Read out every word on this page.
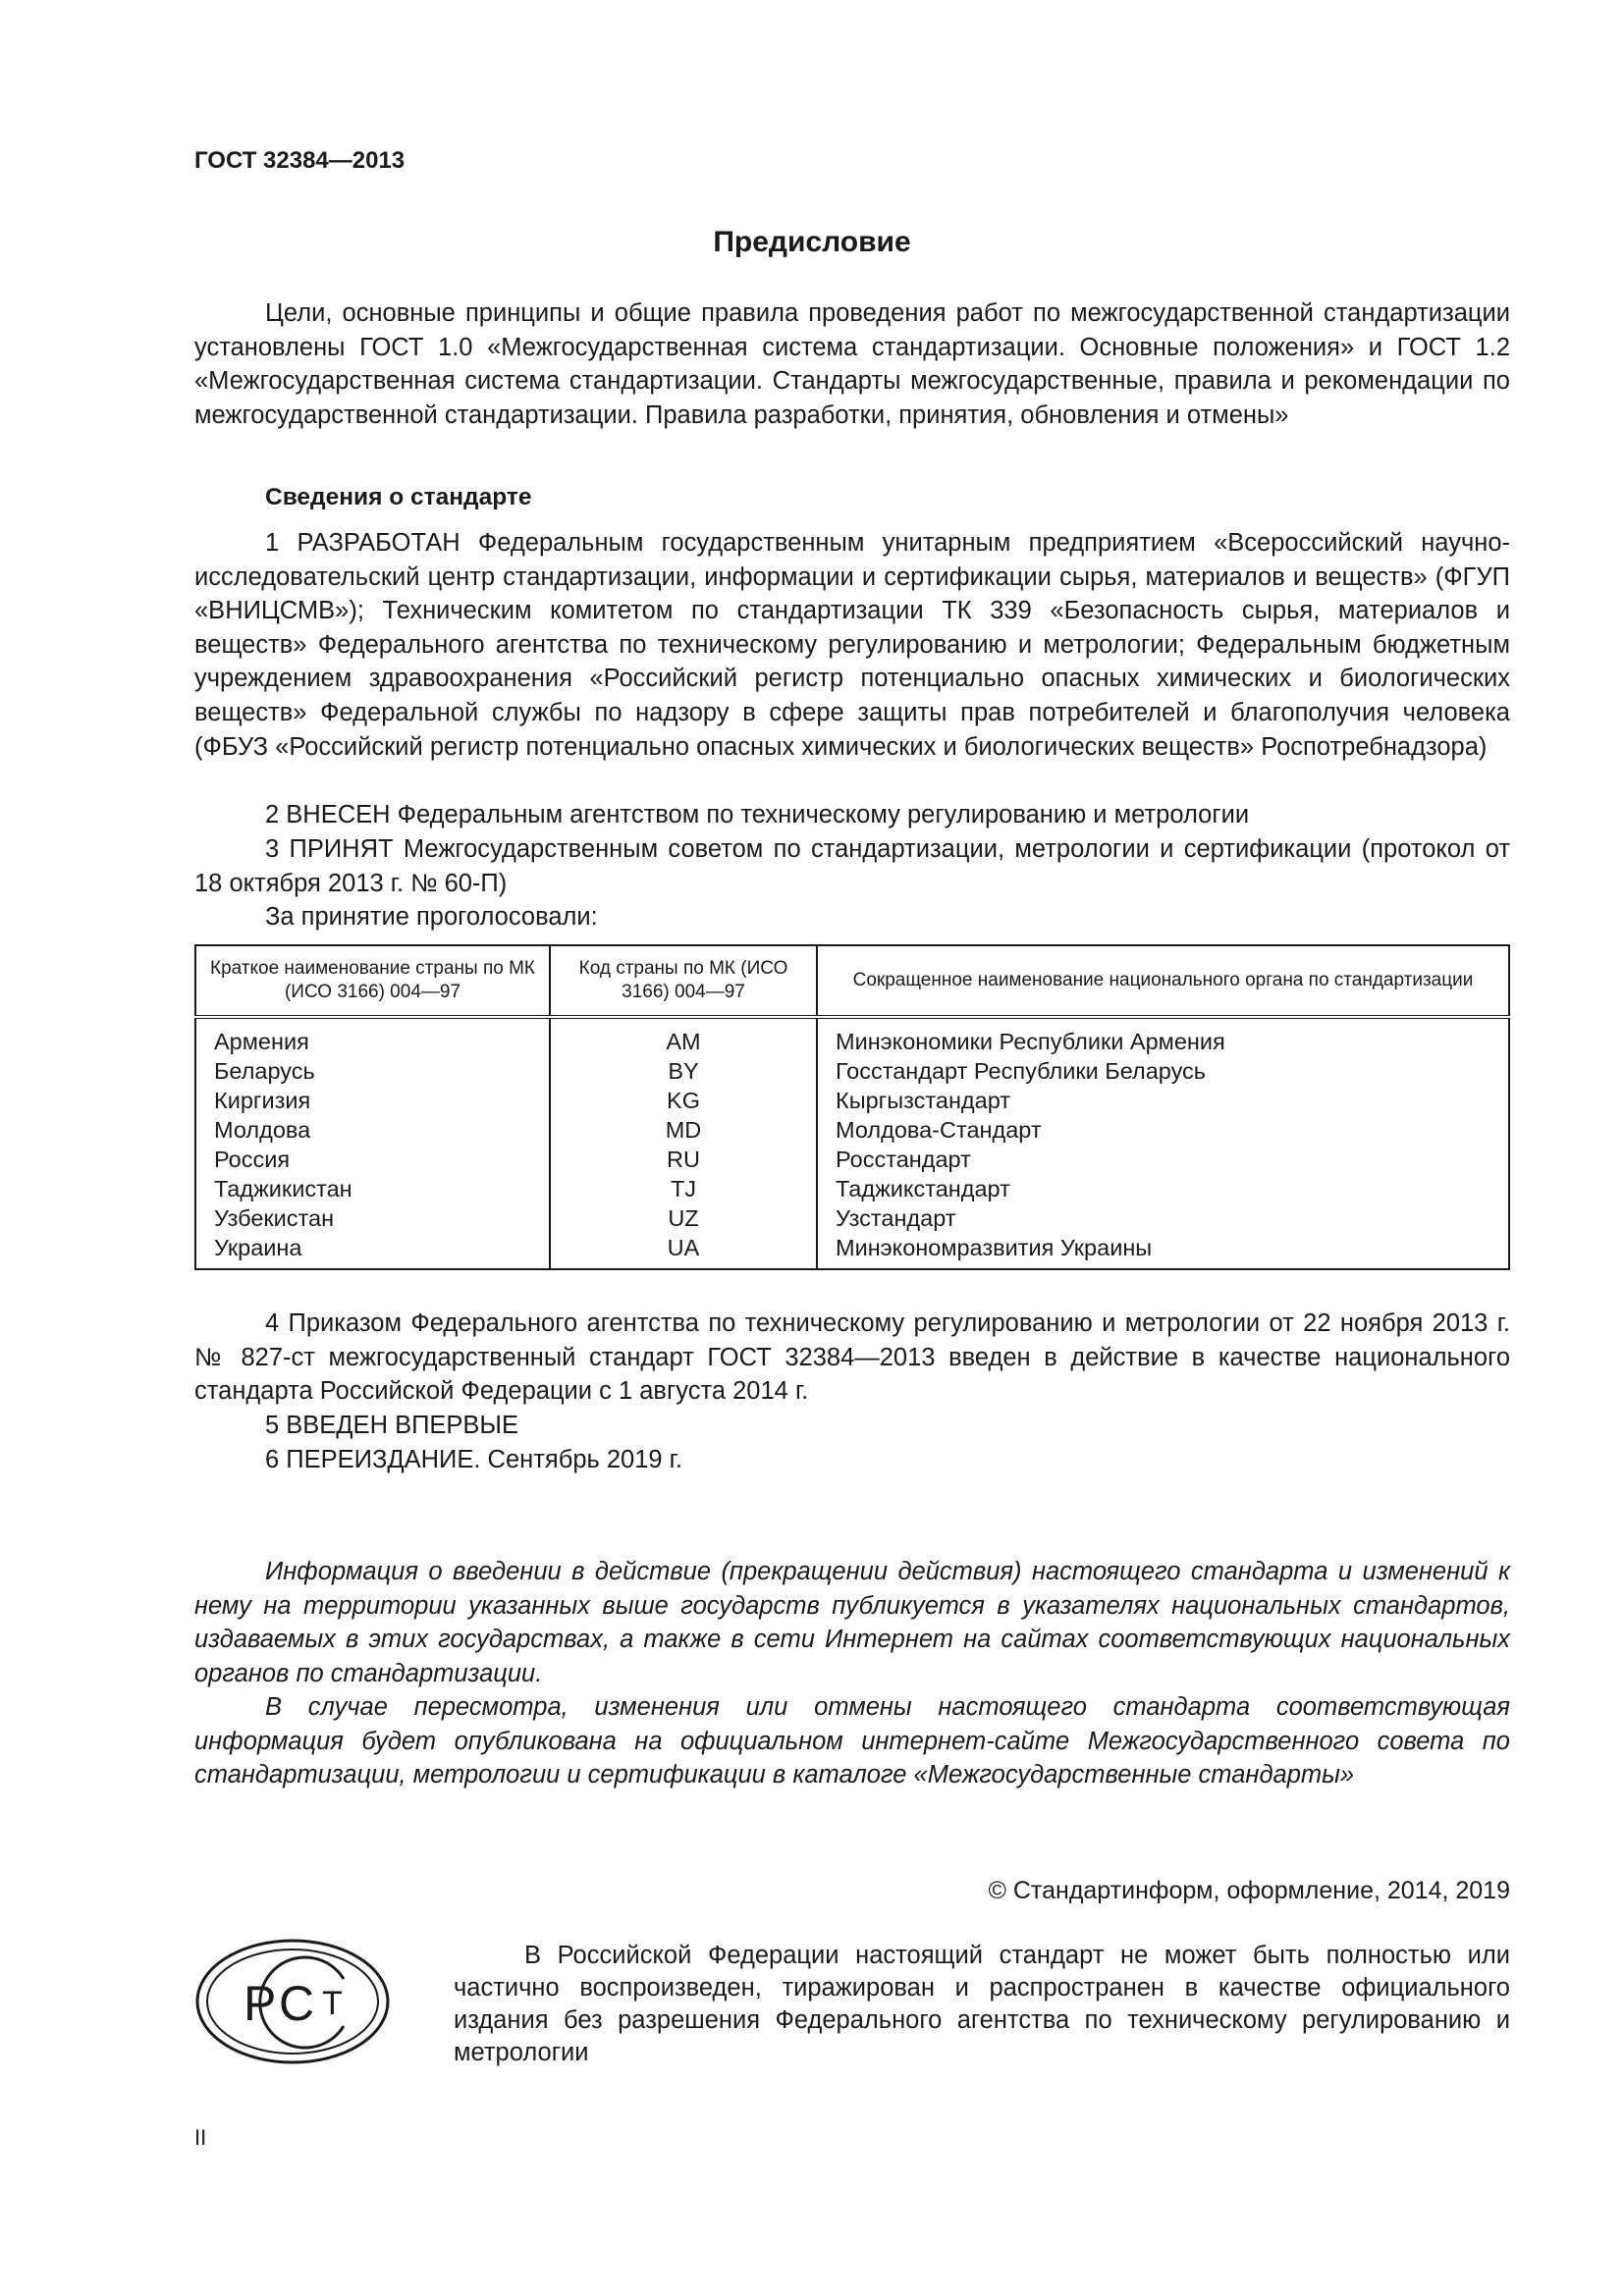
ГОСТ 32384—2013
Предисловие

Цели, основные принципы и общие правила проведения работ по межгосударственной стандартизации установлены ГОСТ 1.0 «Межгосударственная система стандартизации. Основные положения» и ГОСТ 1.2 «Межгосударственная система стандартизации. Стандарты межгосударственные, правила и рекомендации по межгосударственной стандартизации. Правила разработки, принятия, обновления и отмены»

Сведения о стандарте

1 РАЗРАБОТАН Федеральным государственным унитарным предприятием «Всероссийский научно-исследовательский центр стандартизации, информации и сертификации сырья, материалов и веществ» (ФГУП «ВНИЦСМВ»); Техническим комитетом по стандартизации ТК 339 «Безопасность сырья, материалов и веществ» Федерального агентства по техническому регулированию и метрологии; Федеральным бюджетным учреждением здравоохранения «Российский регистр потенциально опасных химических и биологических веществ» Федеральной службы по надзору в сфере защиты прав потребителей и благополучия человека (ФБУЗ «Российский регистр потенциально опасных химических и биологических веществ» Роспотребнадзора)

2 ВНЕСЕН Федеральным агентством по техническому регулированию и метрологии

3 ПРИНЯТ Межгосударственным советом по стандартизации, метрологии и сертификации (протокол от 18 октября 2013 г. № 60-П)

За принятие проголосовали:

Краткое наименование страны по МК (ИСО 3166) 004—97	Код страны по МК (ИСО 3166) 004—97	Сокращенное наименование национального органа по стандартизации
Армения	AM	Минэкономики Республики Армения
Беларусь	BY	Госстандарт Республики Беларусь
Киргизия	KG	Кыргызстандарт
Молдова	MD	Молдова-Стандарт
Россия	RU	Росстандарт
Таджикистан	TJ	Таджикстандарт
Узбекистан	UZ	Узстандарт
Украина	UA	Минэкономразвития Украины

4 Приказом Федерального агентства по техническому регулированию и метрологии от 22 ноября 2013 г. № 827-ст межгосударственный стандарт ГОСТ 32384—2013 введен в действие в качестве национального стандарта Российской Федерации с 1 августа 2014 г.

5 ВВЕДЕН ВПЕРВЫЕ

6 ПЕРЕИЗДАНИЕ. Сентябрь 2019 г.

Информация о введении в действие (прекращении действия) настоящего стандарта и изменений к нему на территории указанных выше государств публикуется в указателях национальных стандартов, издаваемых в этих государствах, а также в сети Интернет на сайтах соответствующих национальных органов по стандартизации.

В случае пересмотра, изменения или отмены настоящего стандарта соответствующая информация будет опубликована на официальном интернет-сайте Межгосударственного совета по стандартизации, метрологии и сертификации в каталоге «Межгосударственные стандарты»

© Стандартинформ, оформление, 2014, 2019
Р С Т

В Российской Федерации настоящий стандарт не может быть полностью или частично воспроизведен, тиражирован и распространен в качестве официального издания без разрешения Федерального агентства по техническому регулированию и метрологии

II
